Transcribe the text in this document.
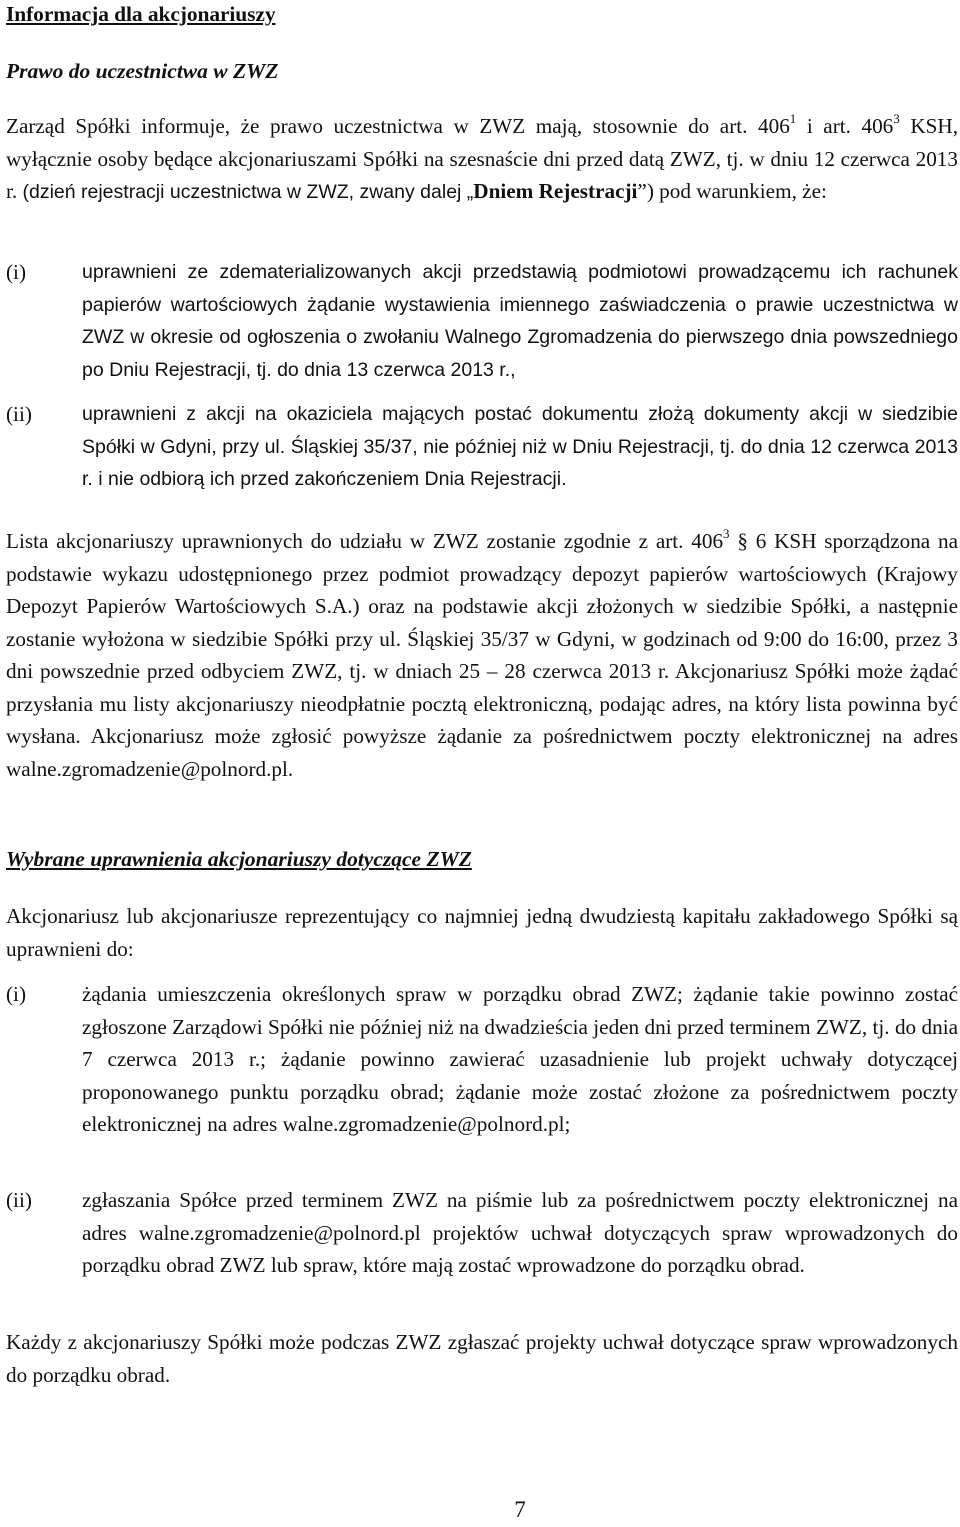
Informacja dla akcjonariuszy
Prawo do uczestnictwa w ZWZ
Zarząd Spółki informuje, że prawo uczestnictwa w ZWZ mają, stosownie do art. $406^1$ i art. $406^3$ KSH, wyłącznie osoby będące akcjonariuszami Spółki na szesnaście dni przed datą ZWZ, tj. w dniu 12 czerwca 2013 r. (dzień rejestracji uczestnictwa w ZWZ, zwany dalej „Dniem Rejestracji”) pod warunkiem, że:
(i)	uprawnieni ze zdematerializowanych akcji przedstawią podmiotowi prowadzącemu ich rachunek papierów wartościowych żądanie wystawienia imiennego zaświadczenia o prawie uczestnictwa w ZWZ w okresie od ogłoszenia o zwołaniu Walnego Zgromadzenia do pierwszego dnia powszedniego po Dniu Rejestracji, tj. do dnia 13 czerwca 2013 r.,
(ii)	uprawnieni z akcji na okaziciela mających postać dokumentu złożą dokumenty akcji w siedzibie Spółki w Gdyni, przy ul. Śląskiej 35/37, nie później niż w Dniu Rejestracji, tj. do dnia 12 czerwca 2013 r. i nie odbiorą ich przed zakończeniem Dnia Rejestracji.
Lista akcjonariuszy uprawnionych do udziału w ZWZ zostanie zgodnie z art. $406^3$ § 6 KSH sporządzona na podstawie wykazu udostępnionego przez podmiot prowadzący depozyt papierów wartościowych (Krajowy Depozyt Papierów Wartościowych S.A.) oraz na podstawie akcji złożonych w siedzibie Spółki, a następnie zostanie wyłożona w siedzibie Spółki przy ul. Śląskiej 35/37 w Gdyni, w godzinach od 9:00 do 16:00, przez 3 dni powszednie przed odbyciem ZWZ, tj. w dniach 25 – 28 czerwca 2013 r. Akcjonariusz Spółki może żądać przysłania mu listy akcjonariuszy nieodpłatnie pocztą elektroniczną, podając adres, na który lista powinna być wysłana. Akcjonariusz może zgłosić powyższe żądanie za pośrednictwem poczty elektronicznej na adres walne.zgromadzenie@polnord.pl.
Wybrane uprawnienia akcjonariuszy dotyczące ZWZ
Akcjonariusz lub akcjonariusze reprezentujący co najmniej jedną dwudziestą kapitału zakładowego Spółki są uprawnieni do:
(i)	żądania umieszczenia określonych spraw w porządku obrad ZWZ; żądanie takie powinno zostać zgłoszone Zarządowi Spółki nie później niż na dwadzieścia jeden dni przed terminem ZWZ, tj. do dnia 7 czerwca 2013 r.; żądanie powinno zawierać uzasadnienie lub projekt uchwały dotyczącej proponowanego punktu porządku obrad; żądanie może zostać złożone za pośrednictwem poczty elektronicznej na adres walne.zgromadzenie@polnord.pl;
(ii) zgłaszania Spółce przed terminem ZWZ na piśmie lub za pośrednictwem poczty elektronicznej na adres walne.zgromadzenie@polnord.pl projektów uchwał dotyczących spraw wprowadzonych do porządku obrad ZWZ lub spraw, które mają zostać wprowadzone do porządku obrad.
Każdy z akcjonariuszy Spółki może podczas ZWZ zgłaszać projekty uchwał dotyczące spraw wprowadzonych do porządku obrad.
7
